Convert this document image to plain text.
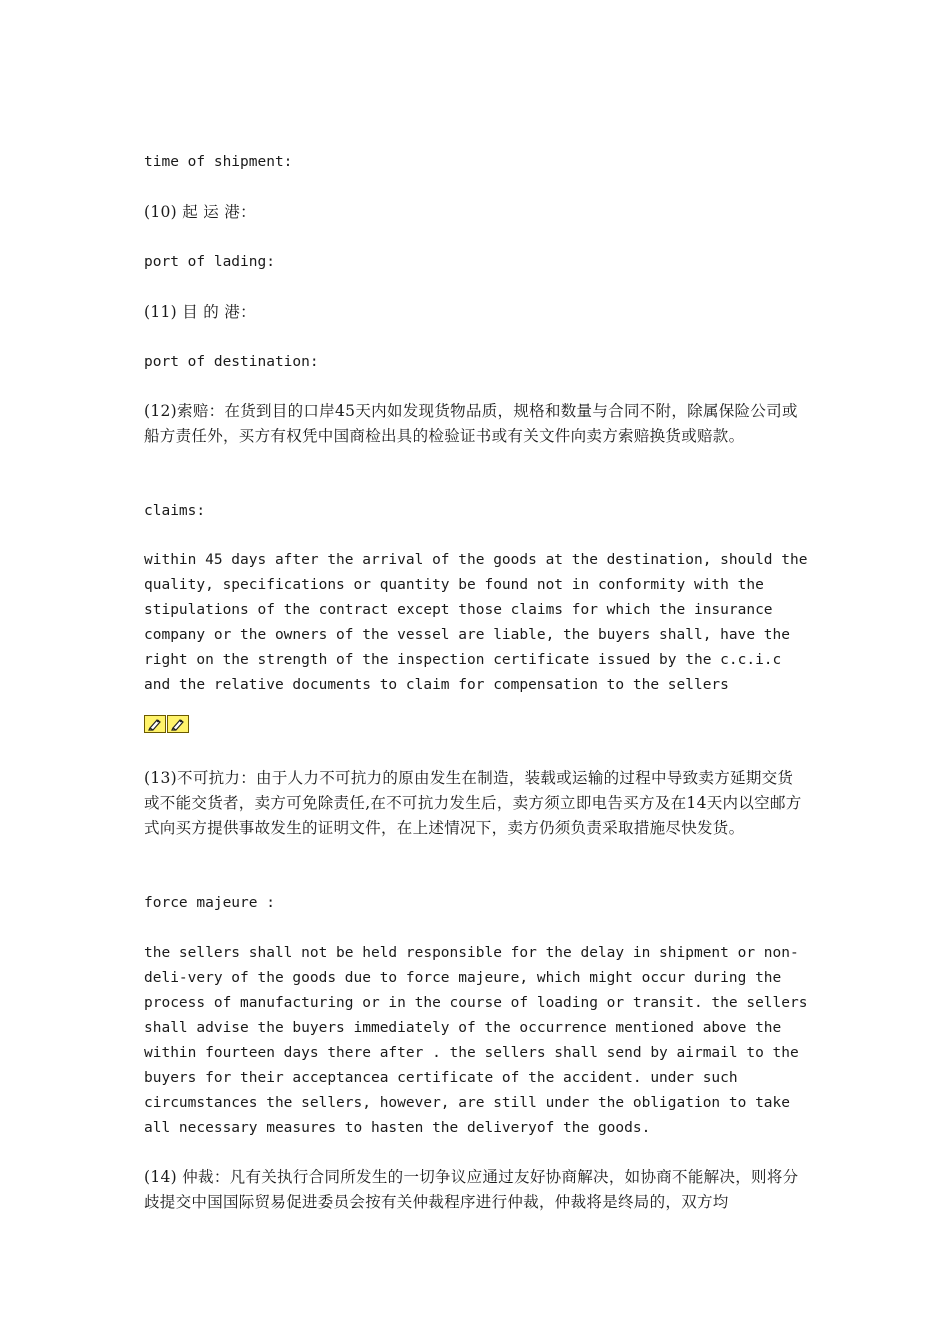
time of shipment:

(10) 起 运 港：

port of lading:

(11) 目 的 港：

port of destination:

(12)索赔：在货到目的口岸45天内如发现货物品质，规格和数量与合同不附，除属保险公司或船方责任外，买方有权凭中国商检出具的检验证书或有关文件向卖方索赔换货或赔款。

claims:

within 45 days after the arrival of the goods at the destination, should the quality, specifications or quantity be found not in conformity with the stipulations of the contract except those claims for which the insurance company or the owners of the vessel are liable, the buyers shall, have the right on the strength of the inspection certificate issued by the c.c.i.c and the relative documents to claim for compensation to the sellers

(13)不可抗力：由于人力不可抗力的原由发生在制造，装载或运输的过程中导致卖方延期交货或不能交货者，卖方可免除责任,在不可抗力发生后，卖方须立即电告买方及在14天内以空邮方式向买方提供事故发生的证明文件，在上述情况下，卖方仍须负责采取措施尽快发货。

force majeure :

the sellers shall not be held responsible for the delay in shipment or non-deli-very of the goods due to force majeure, which might occur during the process of manufacturing or in the course of loading or transit. the sellers shall advise the buyers immediately of the occurrence mentioned above the within fourteen days there after . the sellers shall send by airmail to the buyers for their acceptancea certificate of the accident. under such circumstances the sellers, however, are still under the obligation to take all necessary measures to hasten the deliveryof the goods.

(14) 仲裁：凡有关执行合同所发生的一切争议应通过友好协商解决，如协商不能解决，则将分歧提交中国国际贸易促进委员会按有关仲裁程序进行仲裁，仲裁将是终局的，双方均
